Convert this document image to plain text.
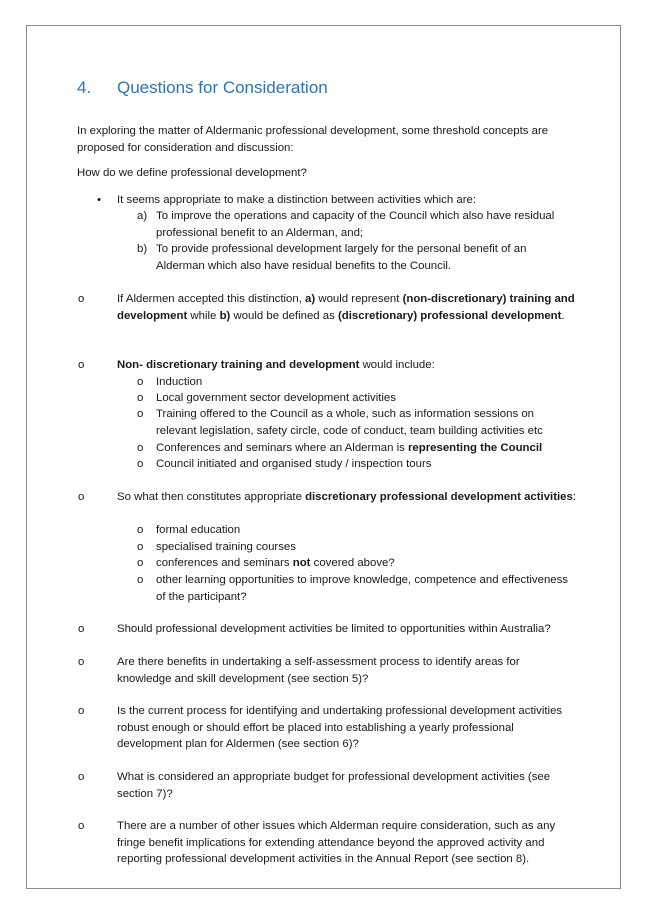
4. Questions for Consideration

In exploring the matter of Aldermanic professional development, some threshold concepts are proposed for consideration and discussion:

How do we define professional development?

• It seems appropriate to make a distinction between activities which are:

a) To improve the operations and capacity of the Council which also have residual professional benefit to an Alderman, and;
b) To provide professional development largely for the personal benefit of an Alderman which also have residual benefits to the Council.
o	If Aldermen accepted this distinction, a) would represent (non-discretionary) training and development while b) would be defined as (discretionary) professional development.

o	Non- discretionary training and development would include:

o Induction
o Local government sector development activities
o Training offered to the Council as a whole, such as information sessions on relevant legislation, safety circle, code of conduct, team building activities etc
o Conferences and seminars where an Alderman is representing the Council
o Council initiated and organised study / inspection tours
o	So what then constitutes appropriate discretionary professional development activities:

o formal education
o specialised training courses
o conferences and seminars not covered above?
o other learning opportunities to improve knowledge, competence and effectiveness of the participant?
o	Should professional development activities be limited to opportunities within Australia?

o	Are there benefits in undertaking a self-assessment process to identify areas for knowledge and skill development (see section 5)?

o	Is the current process for identifying and undertaking professional development activities robust enough or should effort be placed into establishing a yearly professional development plan for Aldermen (see section 6)?

o	What is considered an appropriate budget for professional development activities (see section 7)?

o	There are a number of other issues which Alderman require consideration, such as any fringe benefit implications for extending attendance beyond the approved activity and reporting professional development activities in the Annual Report (see section 8).
